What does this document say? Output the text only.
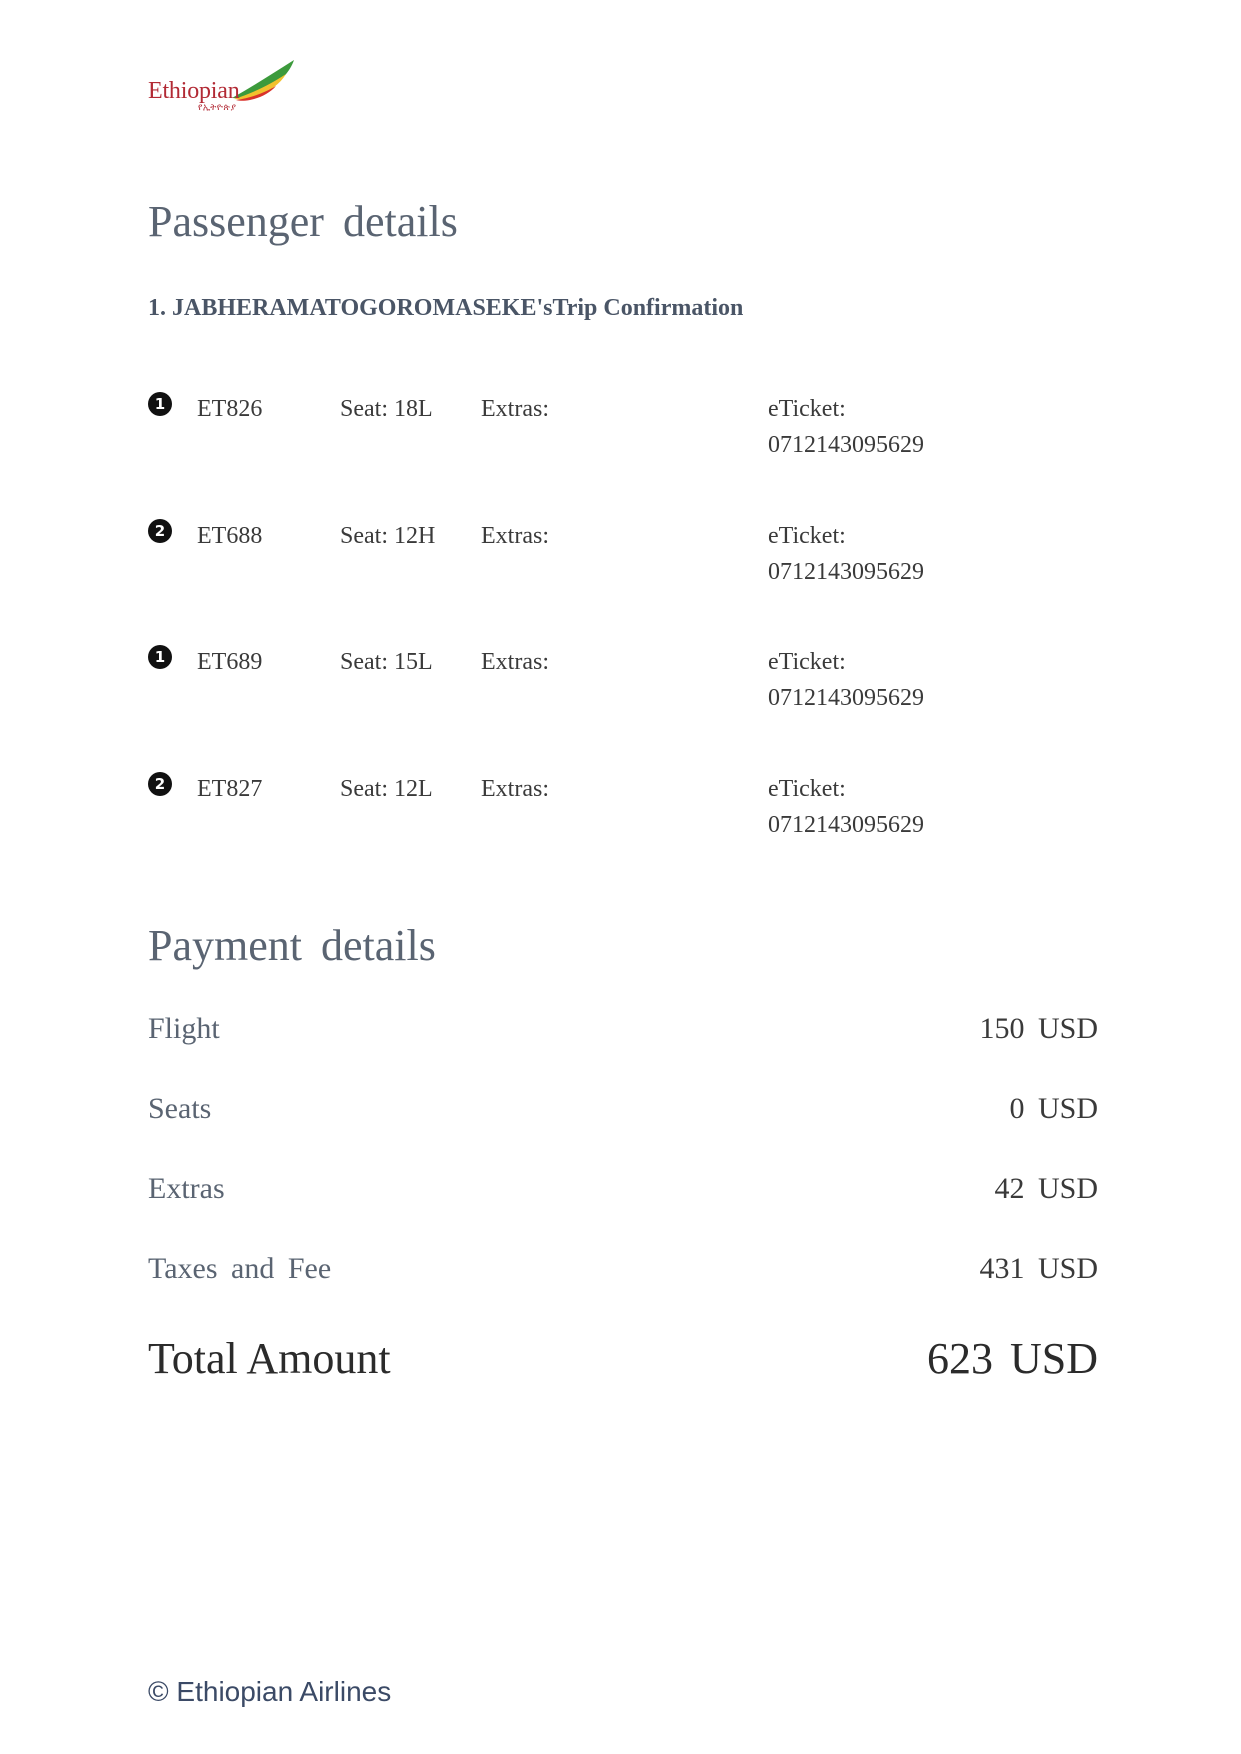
Ethiopian
የኢትዮጵያ
Passenger details
1. JABHERAMATOGOROMASEKE'sTrip Confirmation
1 ET826	Seat: 18L Extras:	eTicket:
0712143095629
2 ET688	Seat: 12H Extras:	eTicket:
0712143095629
1 ET689	Seat: 15L Extras:	eTicket:
0712143095629
2 ET827	Seat: 12L Extras:	eTicket:
0712143095629
Payment details
Flight	150 USD
Seats	0 USD
Extras	42 USD
Taxes and Fee	431 USD
Total Amount	623 USD
© Ethiopian Airlines
